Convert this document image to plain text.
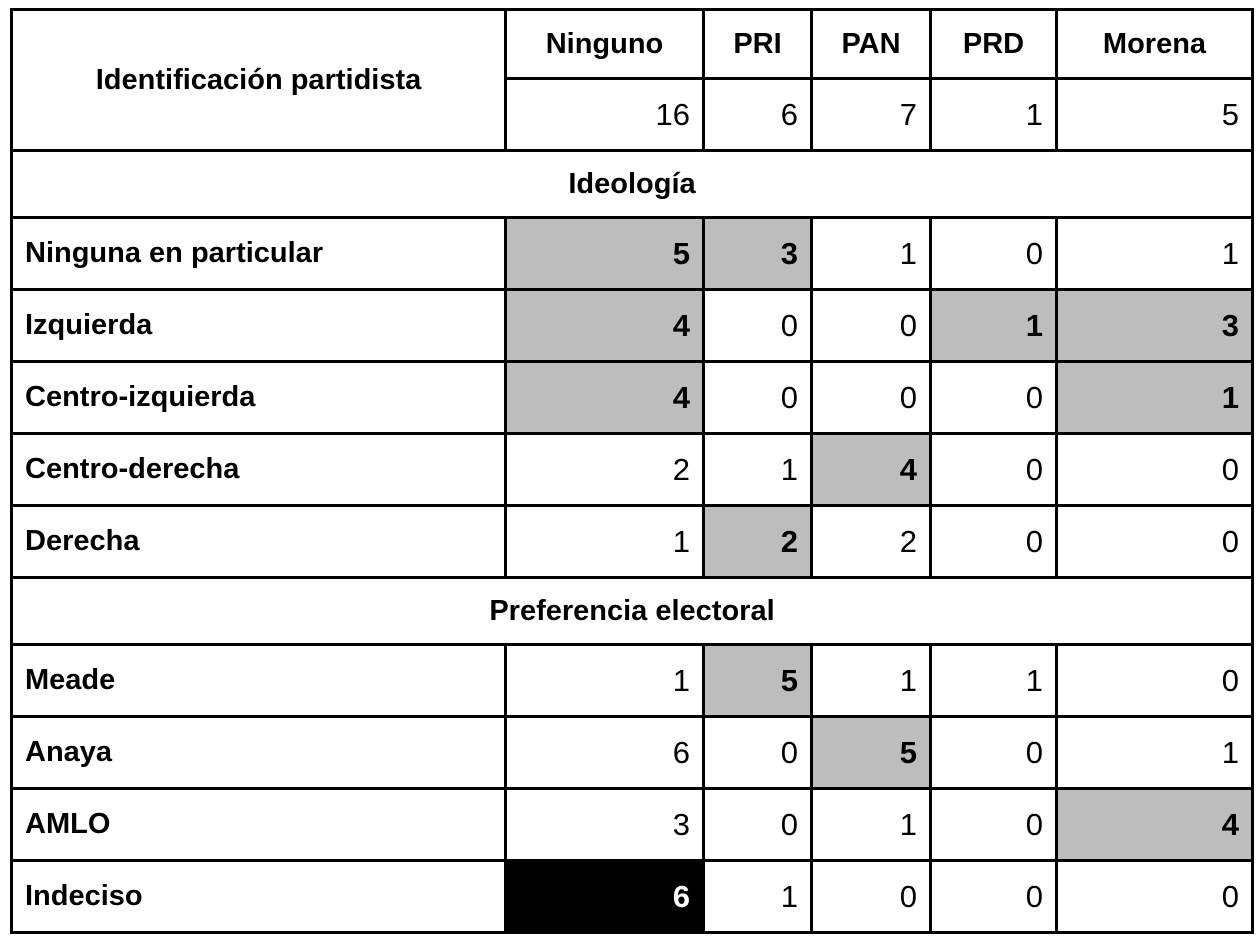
Identificación partidista	Ninguno	PRI	PAN	PRD	Morena
	16	6	7	1	5
Ideología					
Ninguna en particular	5	3	1	0	1
Izquierda	4	0	0	1	3
Centro-izquierda	4	0	0	0	1
Centro-derecha	2	1	4	0	0
Derecha	1	2	2	0	0
Preferencia electoral					
Meade	1	5	1	1	0
Anaya	6	0	5	0	1
AMLO	3	0	1	0	4
Indeciso	6	1	0	0	0
